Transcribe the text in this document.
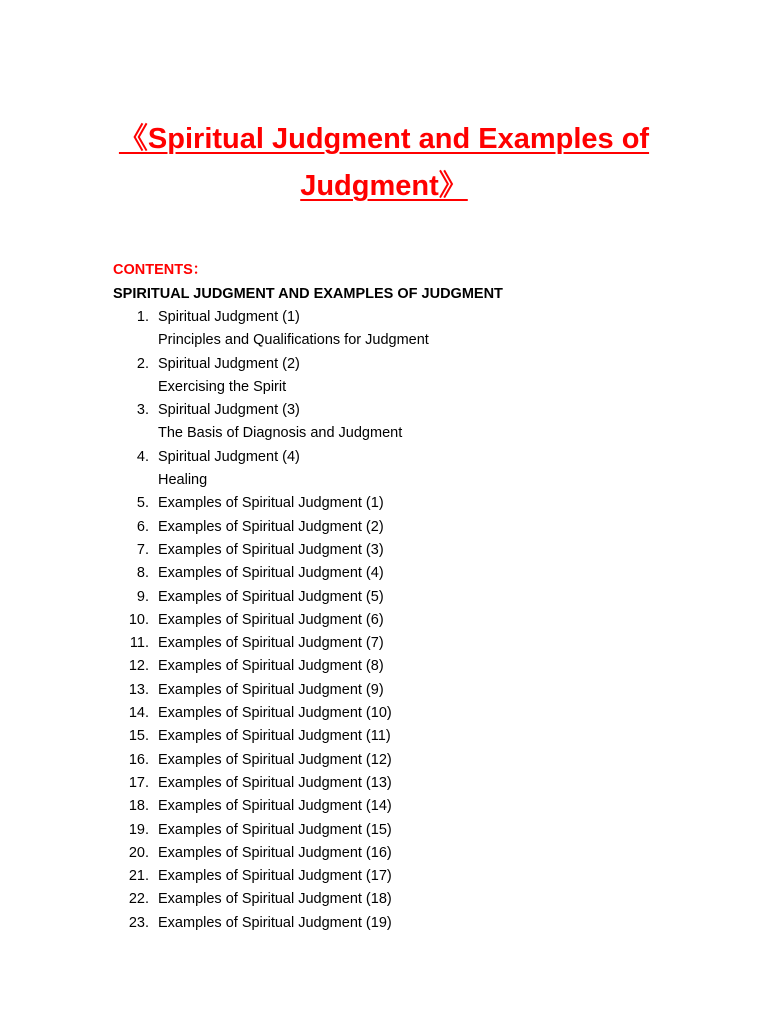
《Spiritual Judgment and Examples of Judgment》
CONTENTS：
SPIRITUAL JUDGMENT AND EXAMPLES OF JUDGMENT
1. Spiritual Judgment (1)
Principles and Qualifications for Judgment
2. Spiritual Judgment (2)
Exercising the Spirit
3. Spiritual Judgment (3)
The Basis of Diagnosis and Judgment
4. Spiritual Judgment (4)
Healing
5. Examples of Spiritual Judgment (1)
6. Examples of Spiritual Judgment (2)
7. Examples of Spiritual Judgment (3)
8. Examples of Spiritual Judgment (4)
9. Examples of Spiritual Judgment (5)
10. Examples of Spiritual Judgment (6)
11. Examples of Spiritual Judgment (7)
12. Examples of Spiritual Judgment (8)
13. Examples of Spiritual Judgment (9)
14. Examples of Spiritual Judgment (10)
15. Examples of Spiritual Judgment (11)
16. Examples of Spiritual Judgment (12)
17. Examples of Spiritual Judgment (13)
18. Examples of Spiritual Judgment (14)
19. Examples of Spiritual Judgment (15)
20. Examples of Spiritual Judgment (16)
21. Examples of Spiritual Judgment (17)
22. Examples of Spiritual Judgment (18)
23. Examples of Spiritual Judgment (19)
